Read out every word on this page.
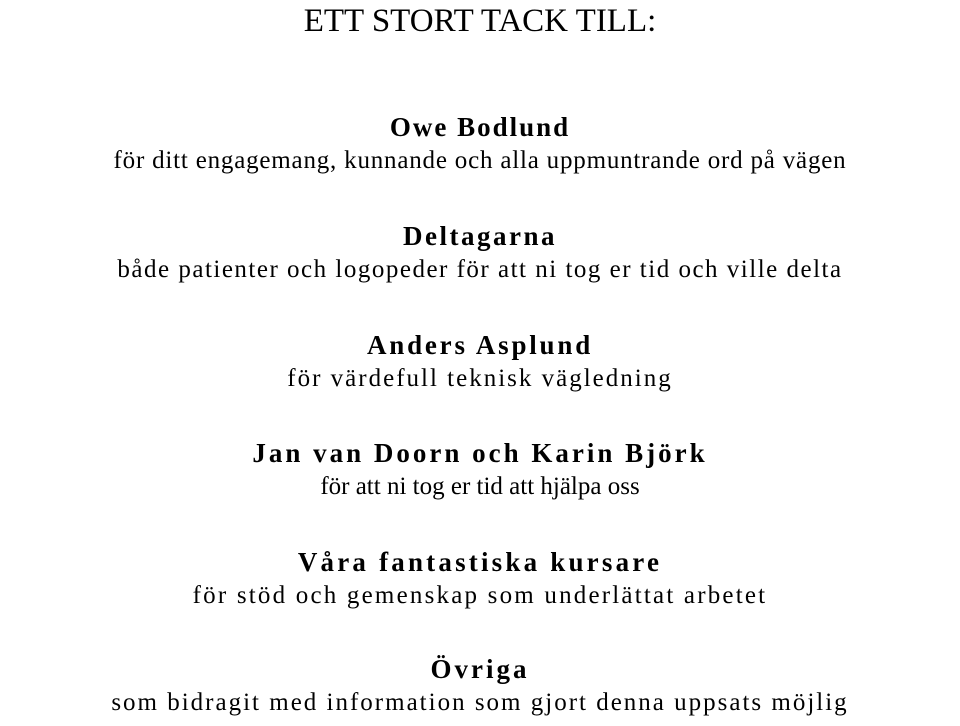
ETT STORT TACK TILL:
Owe Bodlund
för ditt engagemang, kunnande och alla uppmuntrande ord på vägen
Deltagarna
både patienter och logopeder för att ni tog er tid och ville delta
Anders Asplund
för värdefull teknisk vägledning
Jan van Doorn och Karin Björk
för att ni tog er tid att hjälpa oss
Våra fantastiska kursare
för stöd och gemenskap som underlättat arbetet
Övriga
som bidragit med information som gjort denna uppsats möjlig
